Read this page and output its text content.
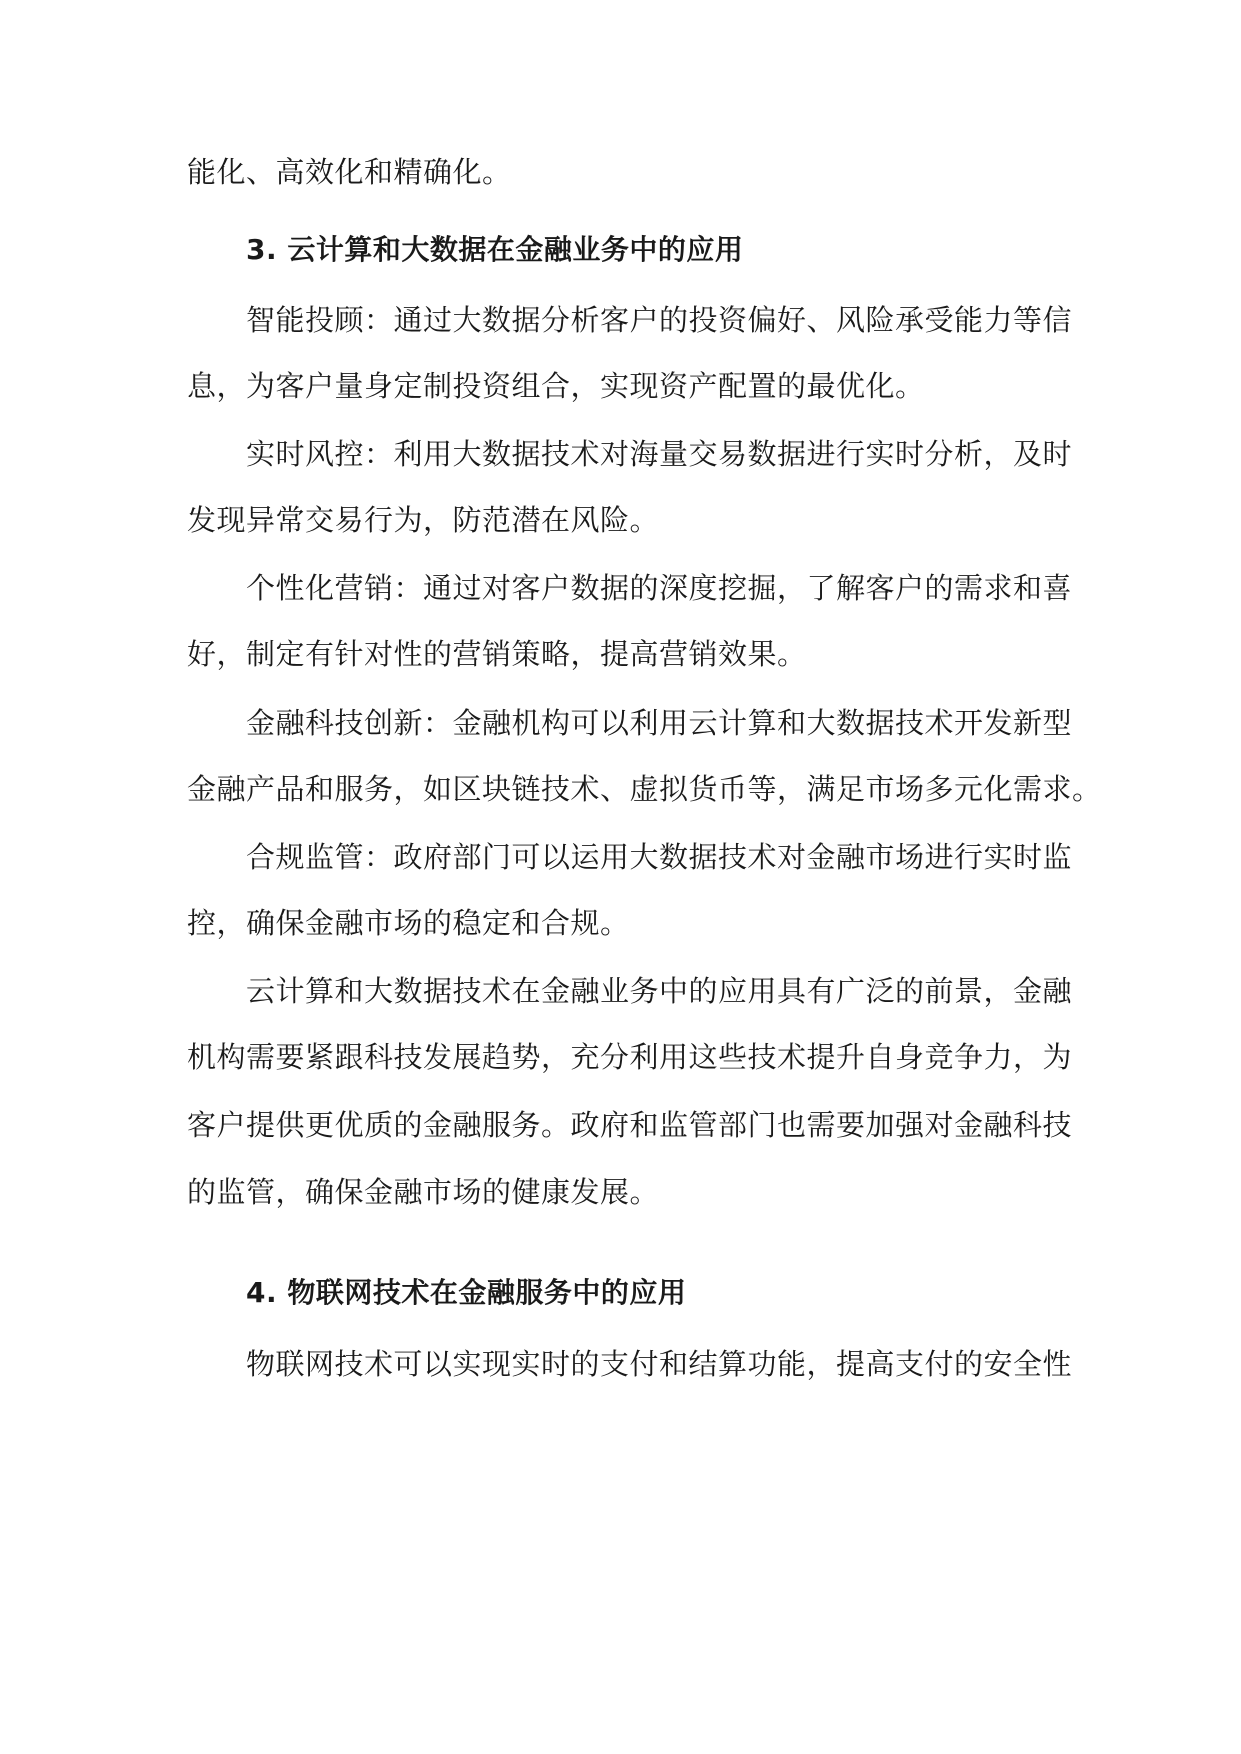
能化、高效化和精确化。
3. 云计算和大数据在金融业务中的应用
智能投顾：通过大数据分析客户的投资偏好、风险承受能力等信
息，为客户量身定制投资组合，实现资产配置的最优化。
实时风控：利用大数据技术对海量交易数据进行实时分析，及时
发现异常交易行为，防范潜在风险。
个性化营销：通过对客户数据的深度挖掘，了解客户的需求和喜
好，制定有针对性的营销策略，提高营销效果。
金融科技创新：金融机构可以利用云计算和大数据技术开发新型
金融产品和服务，如区块链技术、虚拟货币等，满足市场多元化需求。
合规监管：政府部门可以运用大数据技术对金融市场进行实时监
控，确保金融市场的稳定和合规。
云计算和大数据技术在金融业务中的应用具有广泛的前景，金融
机构需要紧跟科技发展趋势，充分利用这些技术提升自身竞争力，为
客户提供更优质的金融服务。政府和监管部门也需要加强对金融科技
的监管，确保金融市场的健康发展。
4. 物联网技术在金融服务中的应用
物联网技术可以实现实时的支付和结算功能，提高支付的安全性
